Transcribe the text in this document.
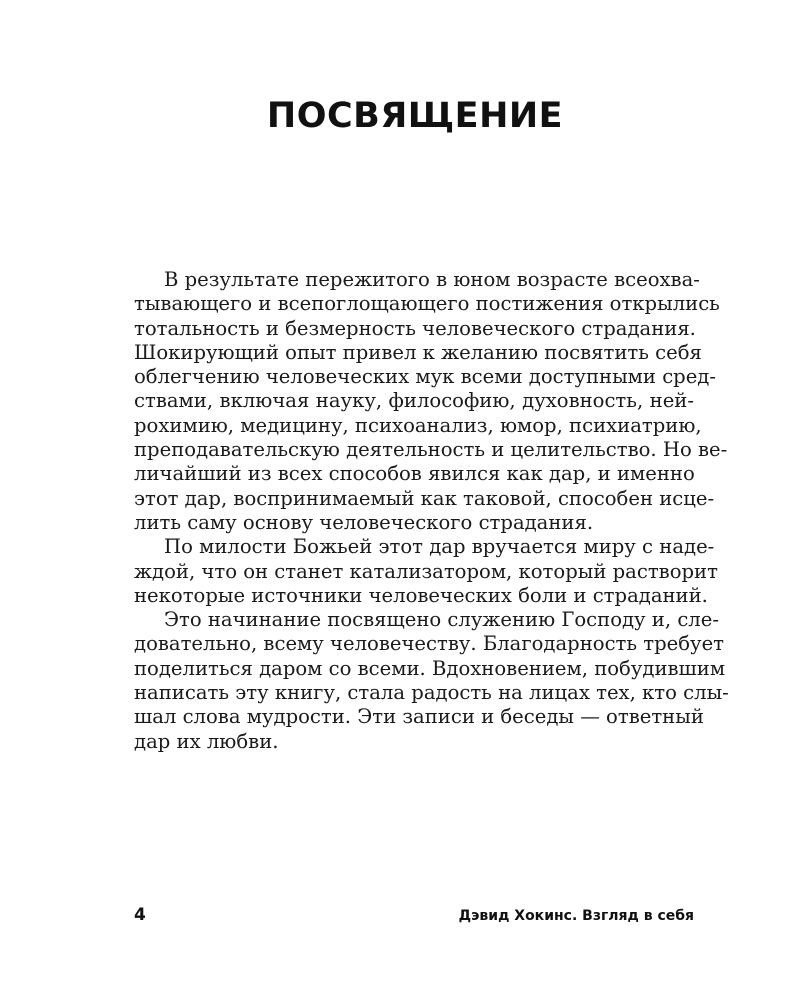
ПОСВЯЩЕНИЕ
В результате пережитого в юном возрасте всеохва-
тывающего и всепоглощающего постижения открылись
тотальность и безмерность человеческого страдания.
Шокирующий опыт привел к желанию посвятить себя
облегчению человеческих мук всеми доступными сред-
ствами, включая науку, философию, духовность, ней-
рохимию, медицину, психоанализ, юмор, психиатрию,
преподавательскую деятельность и целительство. Но ве-
личайший из всех способов явился как дар, и именно
этот дар, воспринимаемый как таковой, способен исце-
лить саму основу человеческого страдания.
По милости Божьей этот дар вручается миру с надe-
ждой, что он станет катализатором, который растворит
некоторые источники человеческих боли и страданий.
Это начинание посвящено служению Господу и, сле-
довательно, всему человечеству. Благодарность требует
поделиться даром со всеми. Вдохновением, побудившим
написать эту книгу, стала радость на лицах тех, кто слы-
шал слова мудрости. Эти записи и беседы — ответный
дар их любви.
4	Дэвид Хокинс. Взгляд в себя
